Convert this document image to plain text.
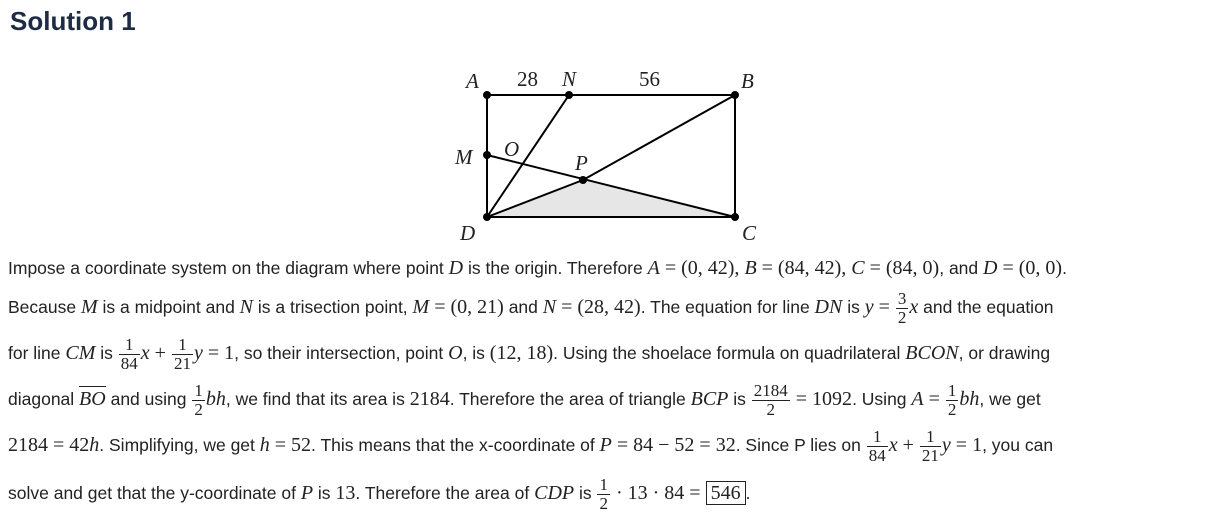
Solution 1
A 28 N	56	B
M O
P
D	C
Impose a coordinate system on the diagram where point D is the origin. Therefore A = (0, 42), B = (84, 42), C = (84, 0), and D = (0, 0).
Because M is a midpoint and N is a trisection point, M = (0, 21) and N = (28, 42). The equation for line DN is $y = \frac{3}{2}$ x and the equation
for line CM is $\frac{1}{84}$ $x + \frac{1}{21}$ y = 1, so their intersection, point O, is (12, 18). Using the shoelace formula on quadrilateral BCON, or drawing
diagonal BO and using $\frac{1}{2}$ bh, we find that its area is 2184. Therefore the area of triangle BCP is $\frac{2184}{2} = 1092$. Using $A = \frac{1}{2}$ bh, we get
2184 = 42h. Simplifying, we get h = 52. This means that the x-coordinate of P = 84 − 52 = 32. Since P lies on $\frac{1}{84}$ $x + \frac{1}{21}$ y = 1, you can
solve and get that the y-coordinate of P is 13. Therefore the area of CDP is $\frac{1}{2} \cdot 13 \cdot 84 = 546$ .
